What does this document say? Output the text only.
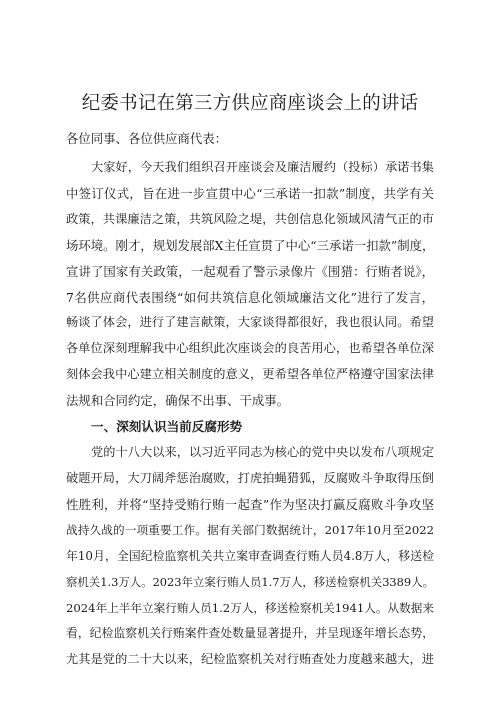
纪委书记在第三方供应商座谈会上的讲话
各位同事、各位供应商代表：
大家好，今天我们组织召开座谈会及廉洁履约（投标）承诺书集
中签订仪式，旨在进一步宣贯中心“三承诺一扣款”制度，共学有关
政策，共课廉洁之策，共筑风险之堤，共创信息化领域风清气正的市
场环境。刚才，规划发展部X主任宣贯了中心“三承诺一扣款”制度，
宣讲了国家有关政策，一起观看了警示录像片《围猎：行贿者说》，
7名供应商代表围绕“如何共筑信息化领域廉洁文化”进行了发言，
畅谈了体会，进行了建言献策，大家谈得都很好，我也很认同。希望
各单位深刻理解我中心组织此次座谈会的良苦用心，也希望各单位深
刻体会我中心建立相关制度的意义，更希望各单位严格遵守国家法律
法规和合同约定，确保不出事、干成事。
一、深刻认识当前反腐形势
党的十八大以来，以习近平同志为核心的党中央以发布八项规定
破题开局，大刀阔斧惩治腐败，打虎拍蝇猎狐，反腐败斗争取得压倒
性胜利，并将“坚持受贿行贿一起查”作为坚决打赢反腐败斗争攻坚
战持久战的一项重要工作。据有关部门数据统计，2017年10月至2022
年10月，全国纪检监察机关共立案审查调查行贿人员4.8万人，移送检
察机关1.3万人。2023年立案行贿人员1.7万人，移送检察机关3389人。
2024年上半年立案行贿人员1.2万人，移送检察机关1941人。从数据来
看，纪检监察机关行贿案件查处数量显著提升，并呈现逐年增长态势，
尤其是党的二十大以来，纪检监察机关对行贿查处力度越来越大，进
